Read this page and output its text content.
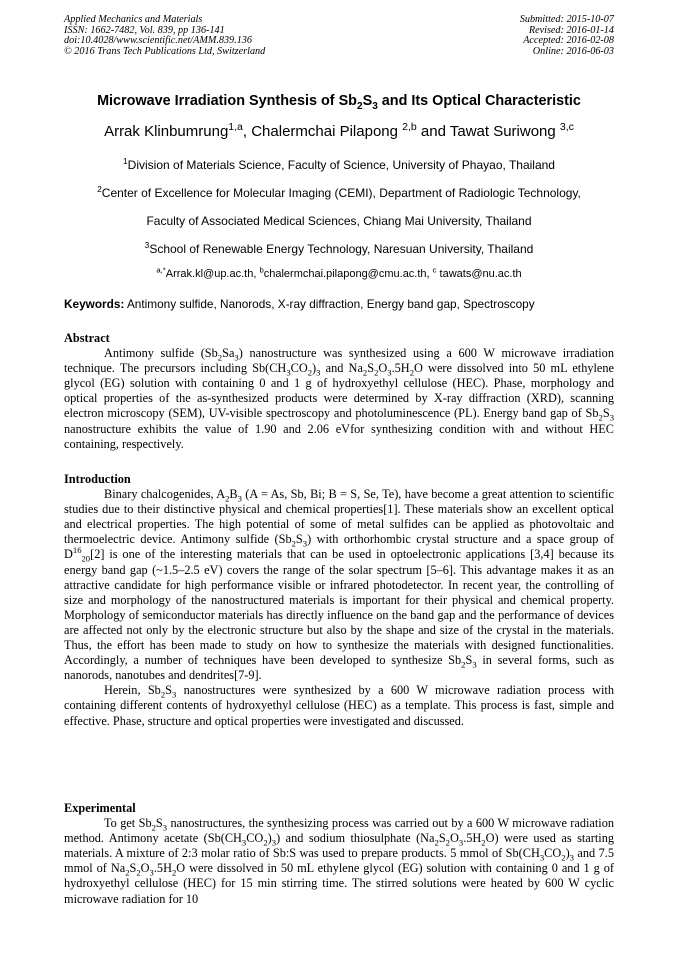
Applied Mechanics and Materials
ISSN: 1662-7482, Vol. 839, pp 136-141
doi:10.4028/www.scientific.net/AMM.839.136
© 2016 Trans Tech Publications Ltd, Switzerland
Submitted: 2015-10-07
Revised: 2016-01-14
Accepted: 2016-02-08
Online: 2016-06-03
Microwave Irradiation Synthesis of $Sb_2S_3$ and Its Optical Characteristic
Arrak Klinbumrung$^{1,a}$, Chalermchai Pilapong $^{2,b}$ and Tawat Suriwong $^{3,c}$
$^1$Division of Materials Science, Faculty of Science, University of Phayao, Thailand
$^2$Center of Excellence for Molecular Imaging (CEMI), Department of Radiologic Technology,
Faculty of Associated Medical Sciences, Chiang Mai University, Thailand
$^3$School of Renewable Energy Technology, Naresuan University, Thailand
$^{a,*}$Arrak.kl@up.ac.th, $^b$chalermchai.pilapong@cmu.ac.th, $^c$ tawats@nu.ac.th
Keywords: Antimony sulfide, Nanorods, X-ray diffraction, Energy band gap, Spectroscopy
Abstract

Antimony sulfide $(Sb_2Sa_3)$ nanostructure was synthesized using a 600 W microwave irradiation technique. The precursors including $Sb(CH_3CO_2)_3$ and $Na_2S_2O_3.5H_2O$ were dissolved into 50 mL ethylene glycol (EG) solution with containing 0 and 1 g of hydroxyethyl cellulose (HEC). Phase, morphology and optical properties of the as-synthesized products were determined by X-ray diffraction (XRD), scanning electron microscopy (SEM), UV-visible spectroscopy and photoluminescence (PL). Energy band gap of $Sb_2S_3$ nanostructure exhibits the value of 1.90 and 2.06 eVfor synthesizing condition with and without HEC containing, respectively.

Introduction

Binary chalcogenides, $A_2B_3$ (A = As, Sb, Bi; B = S, Se, Te), have become a great attention to scientific studies due to their distinctive physical and chemical properties[1]. These materials show an excellent optical and electrical properties. The high potential of some of metal sulfides can be applied as photovoltaic and thermoelectric device. Antimony sulfide $(Sb_2S_3)$ with orthorhombic crystal structure and a space group of $D^{16}_{20}[2]$ is one of the interesting materials that can be used in optoelectronic applications [3,4] because its energy band gap (~1.5–2.5 eV) covers the range of the solar spectrum [5–6]. This advantage makes it as an attractive candidate for high performance visible or infrared photodetector. In recent year, the controlling of size and morphology of the nanostructured materials is important for their physical and chemical property. Morphology of semiconductor materials has directly influence on the band gap and the performance of devices are affected not only by the electronic structure but also by the shape and size of the crystal in the materials. Thus, the effort has been made to study on how to synthesize the materials with designed functionalities. Accordingly, a number of techniques have been developed to synthesize $Sb_2S_3$ in several forms, such as nanorods, nanotubes and dendrites[7-9].

Herein, $Sb_2S_3$ nanostructures were synthesized by a 600 W microwave radiation process with containing different contents of hydroxyethyl cellulose (HEC) as a template. This process is fast, simple and effective. Phase, structure and optical properties were investigated and discussed.

Experimental

To get $Sb_2S_3$ nanostructures, the synthesizing process was carried out by a 600 W microwave radiation method. Antimony acetate $(Sb(CH_3CO_2)_3)$ and sodium thiosulphate $(Na_2S_2O_3.5H_2O)$ were used as starting materials. A mixture of 2:3 molar ratio of Sb:S was used to prepare products. 5 mmol of $Sb(CH_3CO_2)_3$ and 7.5 mmol of $Na_2S_2O_3.5H_2O$ were dissolved in 50 mL ethylene glycol (EG) solution with containing 0 and 1 g of hydroxyethyl cellulose (HEC) for 15 min stirring time. The stirred solutions were heated by 600 W cyclic microwave radiation for 10
